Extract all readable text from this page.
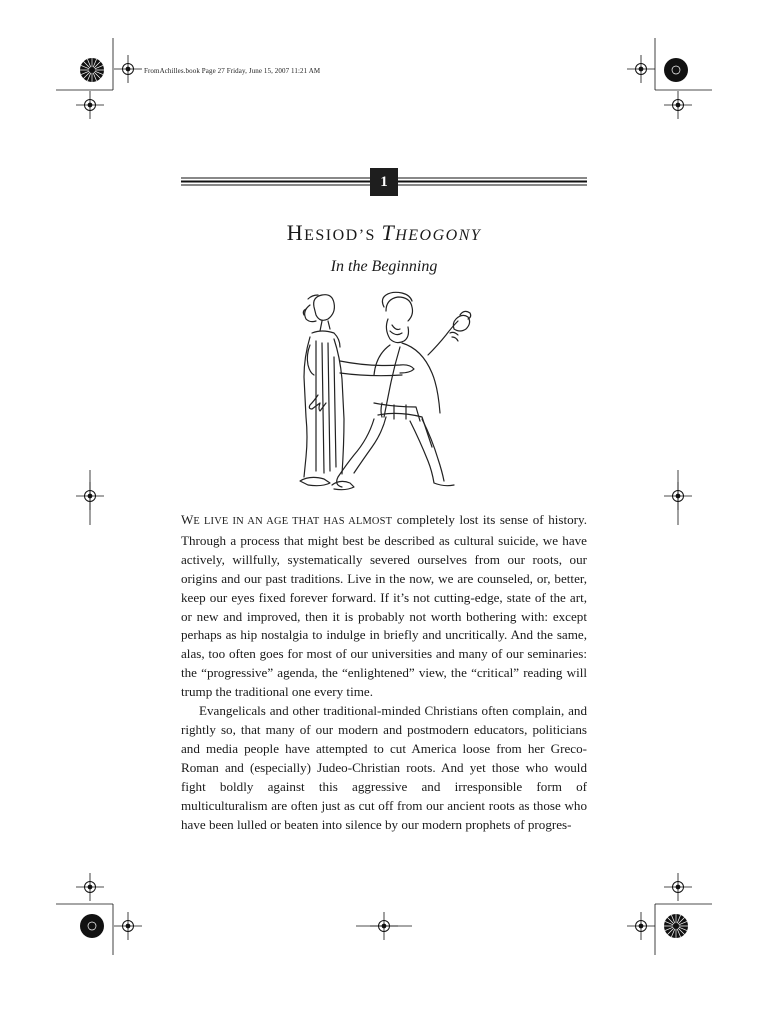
FromAchilles.book Page 27 Friday, June 15, 2007 11:21 AM
1
HESIOD’S THEOGONY

In the Beginning

WE LIVE IN AN AGE THAT HAS ALMOST completely lost its sense of history. Through a process that might best be described as cultural suicide, we have actively, willfully, systematically severed ourselves from our roots, our origins and our past traditions. Live in the now, we are counseled, or, better, keep our eyes fixed forever forward. If it’s not cutting-edge, state of the art, or new and improved, then it is probably not worth bothering with: except perhaps as hip nostalgia to indulge in briefly and uncritically. And the same, alas, too often goes for most of our universities and many of our seminaries: the “progressive” agenda, the “enlightened” view, the “critical” reading will trump the traditional one every time.

Evangelicals and other traditional-minded Christians often complain, and rightly so, that many of our modern and postmodern educators, politicians and media people have attempted to cut America loose from her Greco-Roman and (especially) Judeo-Christian roots. And yet those who would fight boldly against this aggressive and irresponsible form of multiculturalism are often just as cut off from our ancient roots as those who have been lulled or beaten into silence by our modern prophets of progres-
